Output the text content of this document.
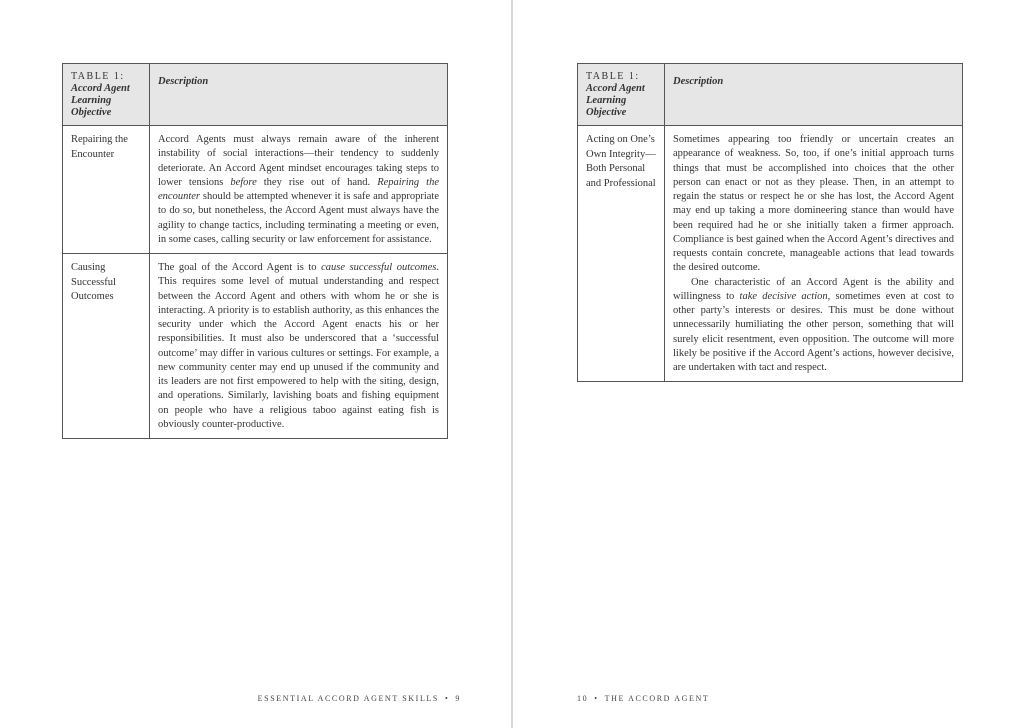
TABLE 1:
Accord Agent Learning Objective	Description
Repairing the Encounter	Accord Agents must always remain aware of the inherent instability of social interactions—their tendency to suddenly deteriorate. An Accord Agent mindset encourages taking steps to lower tensions before they rise out of hand. Repairing the encounter should be attempted whenever it is safe and appropriate to do so, but nonetheless, the Accord Agent must always have the agility to change tactics, including terminating a meeting or even, in some cases, calling security or law enforcement for assistance.

Causing Successful Outcomes	The goal of the Accord Agent is to cause successful outcomes. This requires some level of mutual understanding and respect between the Accord Agent and others with whom he or she is interacting. A priority is to establish authority, as this enhances the security under which the Accord Agent enacts his or her responsibilities. It must also be underscored that a ‘successful outcome’ may differ in various cultures or settings. For example, a new community center may end up unused if the community and its leaders are not first empowered to help with the siting, design, and operations. Similarly, lavishing boats and fishing equipment on people who have a religious taboo against eating fish is obviously counter-productive.

ESSENTIAL ACCORD AGENT SKILLS • 9
TABLE 1:
Accord Agent Learning Objective	Description
Acting on One’s Own Integrity—Both Personal and Professional	Sometimes appearing too friendly or uncertain creates an appearance of weakness. So, too, if one’s initial approach turns things that must be accomplished into choices that the other person can enact or not as they please. Then, in an attempt to regain the status or respect he or she has lost, the Accord Agent may end up taking a more domineering stance than would have been required had he or she initially taken a firmer approach. Compliance is best gained when the Accord Agent’s directives and requests contain concrete, manageable actions that lead towards the desired outcome.

One characteristic of an Accord Agent is the ability and willingness to take decisive action, sometimes even at cost to other party’s interests or desires. This must be done without unnecessarily humiliating the other person, something that will surely elicit resentment, even opposition. The outcome will more likely be positive if the Accord Agent’s actions, however decisive, are undertaken with tact and respect.

10 • THE ACCORD AGENT
